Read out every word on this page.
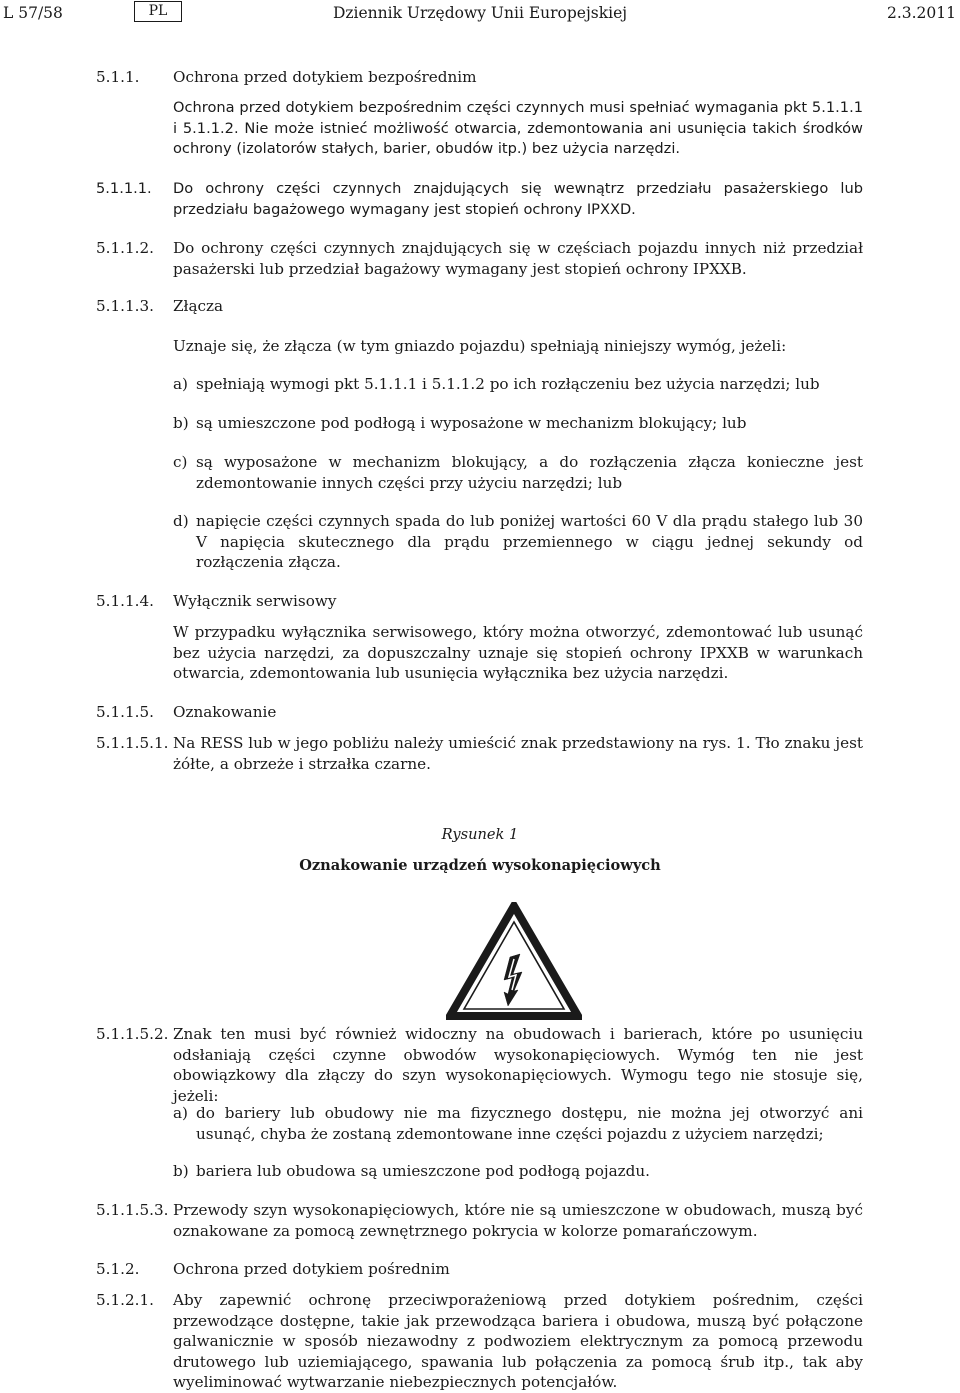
L 57/58	PL	Dziennik Urzędowy Unii Europejskiej	2.3.2011
5.1.1. Ochrona przed dotykiem bezpośrednim
Ochrona przed dotykiem bezpośrednim części czynnych musi spełniać wymagania pkt 5.1.1.1 i 5.1.1.2. Nie może istnieć możliwość otwarcia, zdemontowania ani usunięcia takich środków ochrony (izolatorów stałych, barier, obudów itp.) bez użycia narzędzi.
5.1.1.1. Do ochrony części czynnych znajdujących się wewnątrz przedziału pasażerskiego lub przedziału bagażowego wymagany jest stopień ochrony IPXXD.
5.1.1.2. Do ochrony części czynnych znajdujących się w częściach pojazdu innych niż przedział pasażerski lub przedział bagażowy wymagany jest stopień ochrony IPXXB.
5.1.1.3. Złącza
Uznaje się, że złącza (w tym gniazdo pojazdu) spełniają niniejszy wymóg, jeżeli:
a) spełniają wymogi pkt 5.1.1.1 i 5.1.1.2 po ich rozłączeniu bez użycia narzędzi; lub
b) są umieszczone pod podłogą i wyposażone w mechanizm blokujący; lub
c) są wyposażone w mechanizm blokujący, a do rozłączenia złącza konieczne jest zdemontowanie innych części przy użyciu narzędzi; lub
d) napięcie części czynnych spada do lub poniżej wartości 60 V dla prądu stałego lub 30 V napięcia skutecznego dla prądu przemiennego w ciągu jednej sekundy od rozłączenia złącza.
5.1.1.4. Wyłącznik serwisowy
W przypadku wyłącznika serwisowego, który można otworzyć, zdemontować lub usunąć bez użycia narzędzi, za dopuszczalny uznaje się stopień ochrony IPXXB w warunkach otwarcia, zdemontowania lub usunięcia wyłącznika bez użycia narzędzi.
5.1.1.5. Oznakowanie
5.1.1.5.1. Na RESS lub w jego pobliżu należy umieścić znak przedstawiony na rys. 1. Tło znaku jest żółte, a obrzeże i strzałka czarne.
Rysunek 1
Oznakowanie urządzeń wysokonapięciowych
5.1.1.5.2. Znak ten musi być również widoczny na obudowach i barierach, które po usunięciu odsłaniają części czynne obwodów wysokonapięciowych. Wymóg ten nie jest obowiązkowy dla złączy do szyn wysokonapięciowych. Wymogu tego nie stosuje się, jeżeli:
a) do bariery lub obudowy nie ma fizycznego dostępu, nie można jej otworzyć ani usunąć, chyba że zostaną zdemontowane inne części pojazdu z użyciem narzędzi;
b) bariera lub obudowa są umieszczone pod podłogą pojazdu.
5.1.1.5.3. Przewody szyn wysokonapięciowych, które nie są umieszczone w obudowach, muszą być oznakowane za pomocą zewnętrznego pokrycia w kolorze pomarańczowym.
5.1.2. Ochrona przed dotykiem pośrednim
5.1.2.1. Aby zapewnić ochronę przeciwporażeniową przed dotykiem pośrednim, części przewodzące dostępne, takie jak przewodząca bariera i obudowa, muszą być połączone galwanicznie w sposób niezawodny z podwoziem elektrycznym za pomocą przewodu drutowego lub uziemiającego, spawania lub połączenia za pomocą śrub itp., tak aby wyeliminować wytwarzanie niebezpiecznych potencjałów.
